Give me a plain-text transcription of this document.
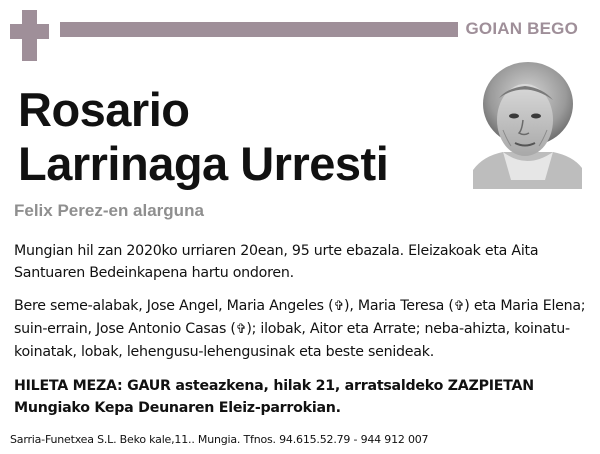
GOIAN BEGO
Rosario
Larrinaga Urresti
Felix Perez-en alarguna
Mungian hil zan 2020ko urriaren 20ean, 95 urte ebazala. Eleizakoak eta Aita Santuaren Bedeinkapena hartu ondoren.
Bere seme-alabak, Jose Angel, Maria Angeles (✞), Maria Teresa (✞) eta Maria Elena; suin-errain, Jose Antonio Casas (✞); ilobak, Aitor eta Arrate; neba-ahizta, koinatu-koinatak, lobak, lehengusu-lehengusinak eta beste senideak.
HILETA MEZA: GAUR asteazkena, hilak 21, arratsaldeko ZAZPIETAN Mungiako Kepa Deunaren Eleiz-parrokian.
Sarria-Funetxea S.L. Beko kale,11.. Mungia. Tfnos. 94.615.52.79 - 944 912 007
